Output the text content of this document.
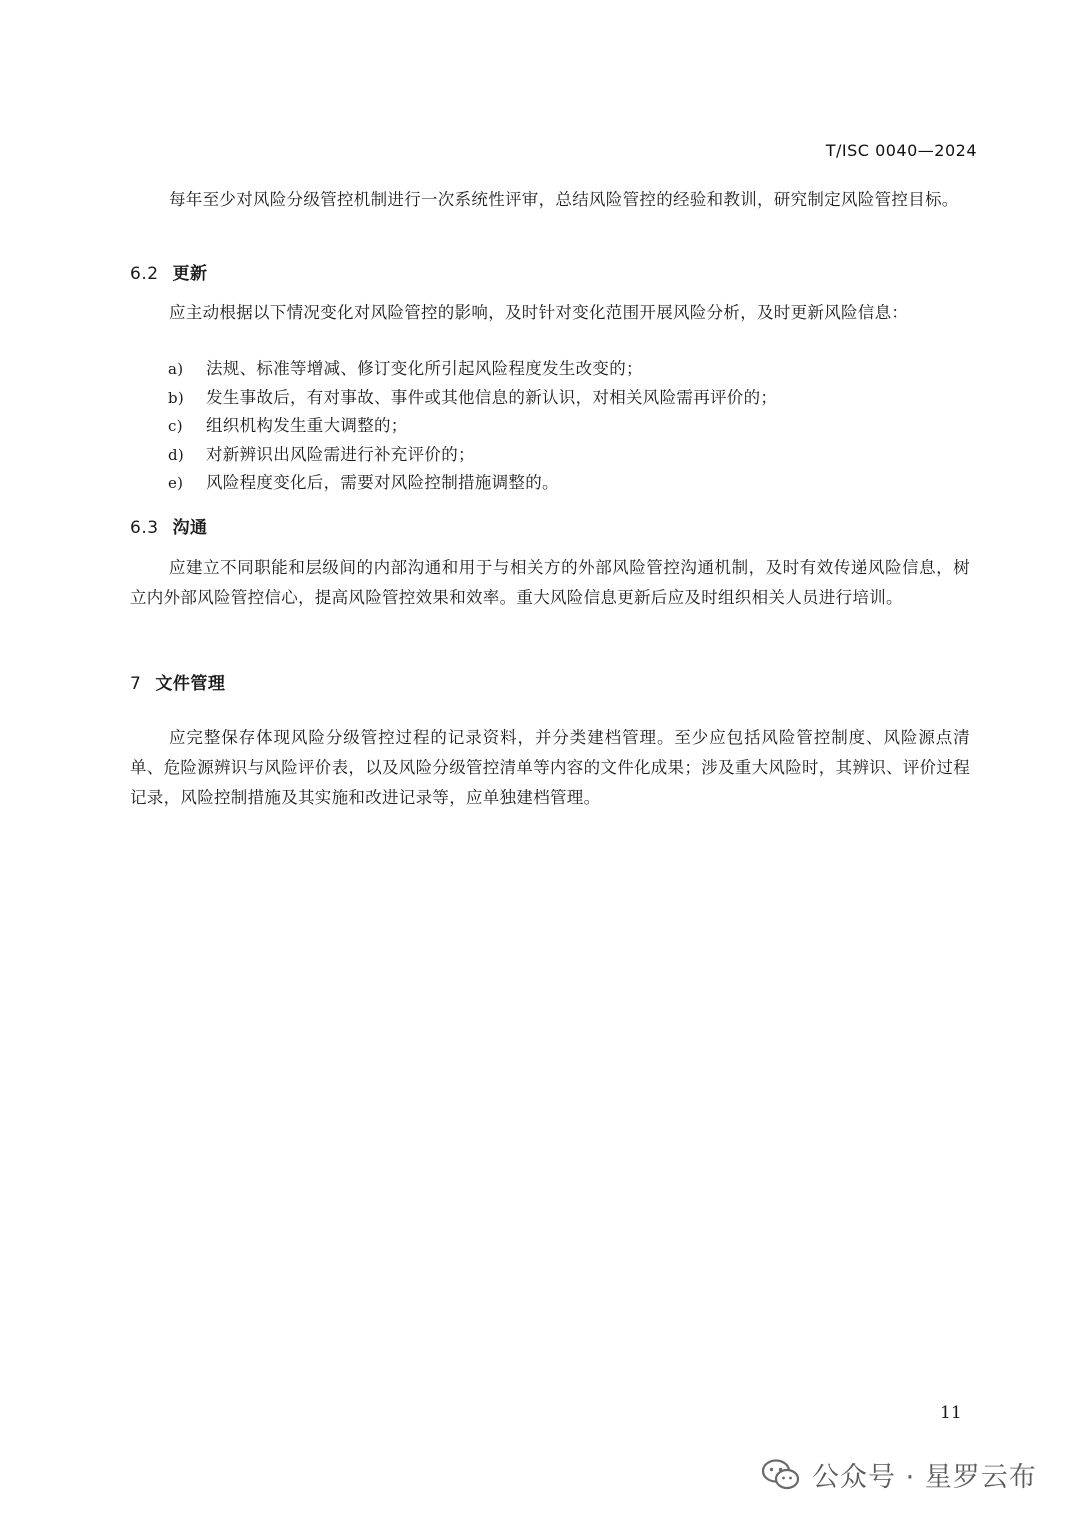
T/ISC 0040—2024

每年至少对风险分级管控机制进行一次系统性评审，总结风险管控的经验和教训，研究制定风险管控目标。

6.2 更新

应主动根据以下情况变化对风险管控的影响，及时针对变化范围开展风险分析，及时更新风险信息：

a)	法规、标准等增减、修订变化所引起风险程度发生改变的；
b)	发生事故后，有对事故、事件或其他信息的新认识，对相关风险需再评价的；
c)	组织机构发生重大调整的；
d)	对新辨识出风险需进行补充评价的；
e)	风险程度变化后，需要对风险控制措施调整的。
6.3 沟通

应建立不同职能和层级间的内部沟通和用于与相关方的外部风险管控沟通机制，及时有效传递风险信息，树立内外部风险管控信心，提高风险管控效果和效率。重大风险信息更新后应及时组织相关人员进行培训。

7 文件管理

应完整保存体现风险分级管控过程的记录资料，并分类建档管理。至少应包括风险管控制度、风险源点清单、危险源辨识与风险评价表，以及风险分级管控清单等内容的文件化成果；涉及重大风险时，其辨识、评价过程记录，风险控制措施及其实施和改进记录等，应单独建档管理。

11
公众号 · 星罗云布
